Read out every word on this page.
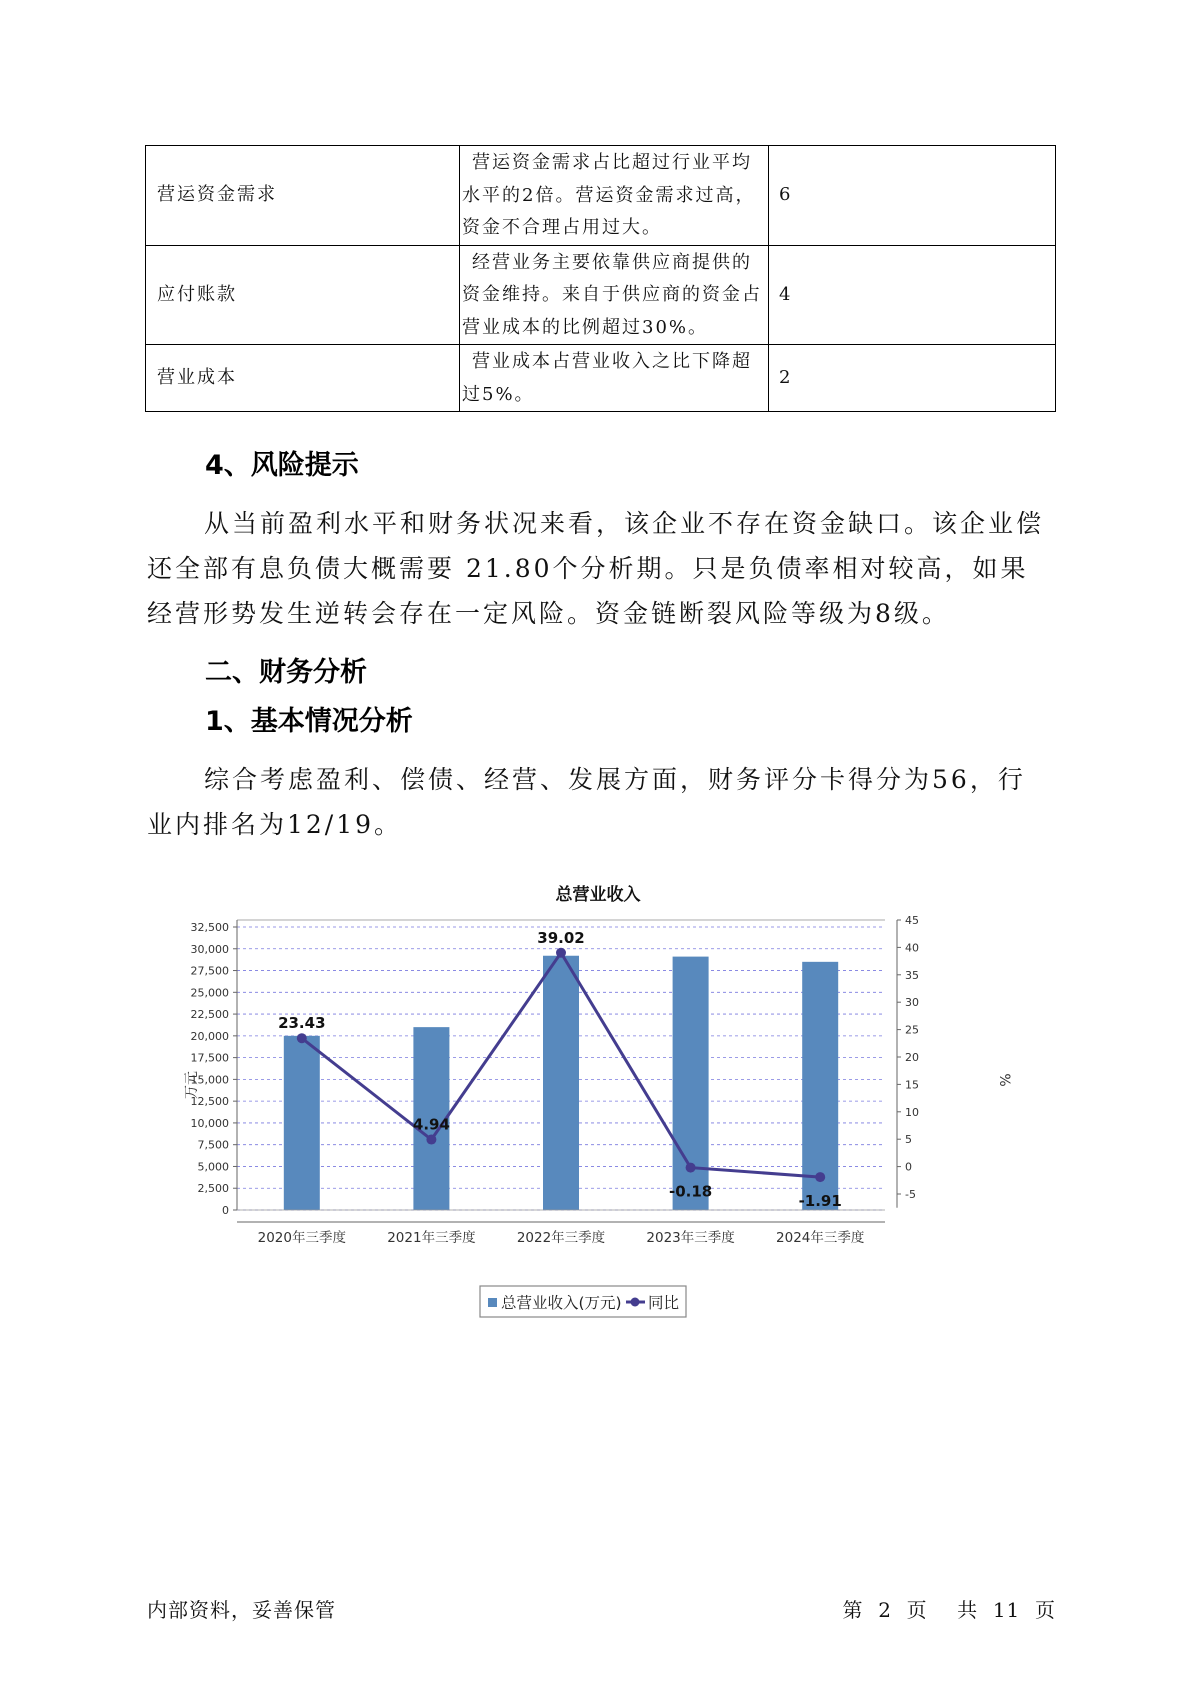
营运资金需求	营运资金需求占比超过行业平均
水平的2倍。营运资金需求过高，
资金不合理占用过大。	6
应付账款	经营业务主要依靠供应商提供的
资金维持。来自于供应商的资金占
营业成本的比例超过30%。	4
营业成本	营业成本占营业收入之比下降超
过5%。	2
4、风险提示

从当前盈利水平和财务状况来看，该企业不存在资金缺口。该企业偿还全部有息负债大概需要 21.80个分析期。只是负债率相对较高，如果经营形势发生逆转会存在一定风险。资金链断裂风险等级为8级。

二、财务分析
1、基本情况分析

综合考虑盈利、偿债、经营、发展方面，财务评分卡得分为56，行业内排名为12/19。

总营业收入
0
2,500
5,000
7,500
10,000
12,500
15,000
17,500
20,000
22,500
25,000
27,500
30,000
32,500
-5
0
5
10
15
20
25
30
35
40
45
2020年三季度	2021年三季度	2022年三季度	2023年三季度	2024年三季度
23.43
4.94
39.02
-0.18
-1.91
万元	%
总营业收入(万元) 同比
内部资料，妥善保管	第 2 页 共 11 页
